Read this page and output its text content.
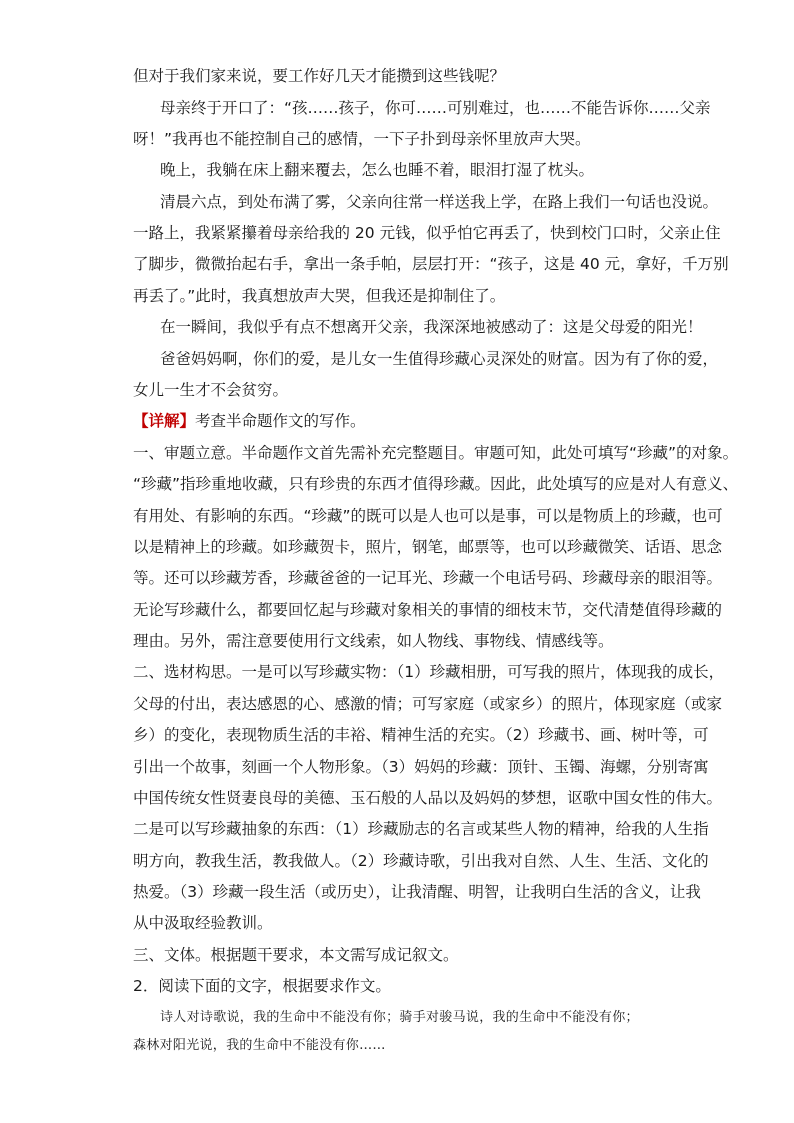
但对于我们家来说，要工作好几天才能攒到这些钱呢？
母亲终于开口了：“孩……孩子，你可……可别难过，也……不能告诉你……父亲
呀！”我再也不能控制自己的感情，一下子扑到母亲怀里放声大哭。
晚上，我躺在床上翻来覆去，怎么也睡不着，眼泪打湿了枕头。
清晨六点，到处布满了雾，父亲向往常一样送我上学，在路上我们一句话也没说。
一路上，我紧紧攥着母亲给我的 20 元钱，似乎怕它再丢了，快到校门口时，父亲止住
了脚步，微微抬起右手，拿出一条手帕，层层打开：“孩子，这是 40 元，拿好，千万别
再丢了。”此时，我真想放声大哭，但我还是抑制住了。
在一瞬间，我似乎有点不想离开父亲，我深深地被感动了：这是父母爱的阳光！
爸爸妈妈啊，你们的爱，是儿女一生值得珍藏心灵深处的财富。因为有了你的爱，
女儿一生才不会贫穷。
【详解】考查半命题作文的写作。
一、审题立意。半命题作文首先需补充完整题目。审题可知，此处可填写“珍藏”的对象。
“珍藏”指珍重地收藏，只有珍贵的东西才值得珍藏。因此，此处填写的应是对人有意义、
有用处、有影响的东西。“珍藏”的既可以是人也可以是事，可以是物质上的珍藏，也可
以是精神上的珍藏。如珍藏贺卡，照片，钢笔，邮票等，也可以珍藏微笑、话语、思念
等。还可以珍藏芳香，珍藏爸爸的一记耳光、珍藏一个电话号码、珍藏母亲的眼泪等。
无论写珍藏什么，都要回忆起与珍藏对象相关的事情的细枝末节，交代清楚值得珍藏的
理由。另外，需注意要使用行文线索，如人物线、事物线、情感线等。
二、选材构思。一是可以写珍藏实物：（1）珍藏相册，可写我的照片，体现我的成长，
父母的付出，表达感恩的心、感激的情；可写家庭（或家乡）的照片，体现家庭（或家
乡）的变化，表现物质生活的丰裕、精神生活的充实。（2）珍藏书、画、树叶等，可
引出一个故事，刻画一个人物形象。（3）妈妈的珍藏：顶针、玉镯、海螺，分别寄寓
中国传统女性贤妻良母的美德、玉石般的人品以及妈妈的梦想，讴歌中国女性的伟大。
二是可以写珍藏抽象的东西：（1）珍藏励志的名言或某些人物的精神，给我的人生指
明方向，教我生活，教我做人。（2）珍藏诗歌，引出我对自然、人生、生活、文化的
热爱。（3）珍藏一段生活（或历史），让我清醒、明智，让我明白生活的含义，让我
从中汲取经验教训。
三、文体。根据题干要求，本文需写成记叙文。
2．阅读下面的文字，根据要求作文。
诗人对诗歌说，我的生命中不能没有你；骑手对骏马说，我的生命中不能没有你；
森林对阳光说，我的生命中不能没有你……
